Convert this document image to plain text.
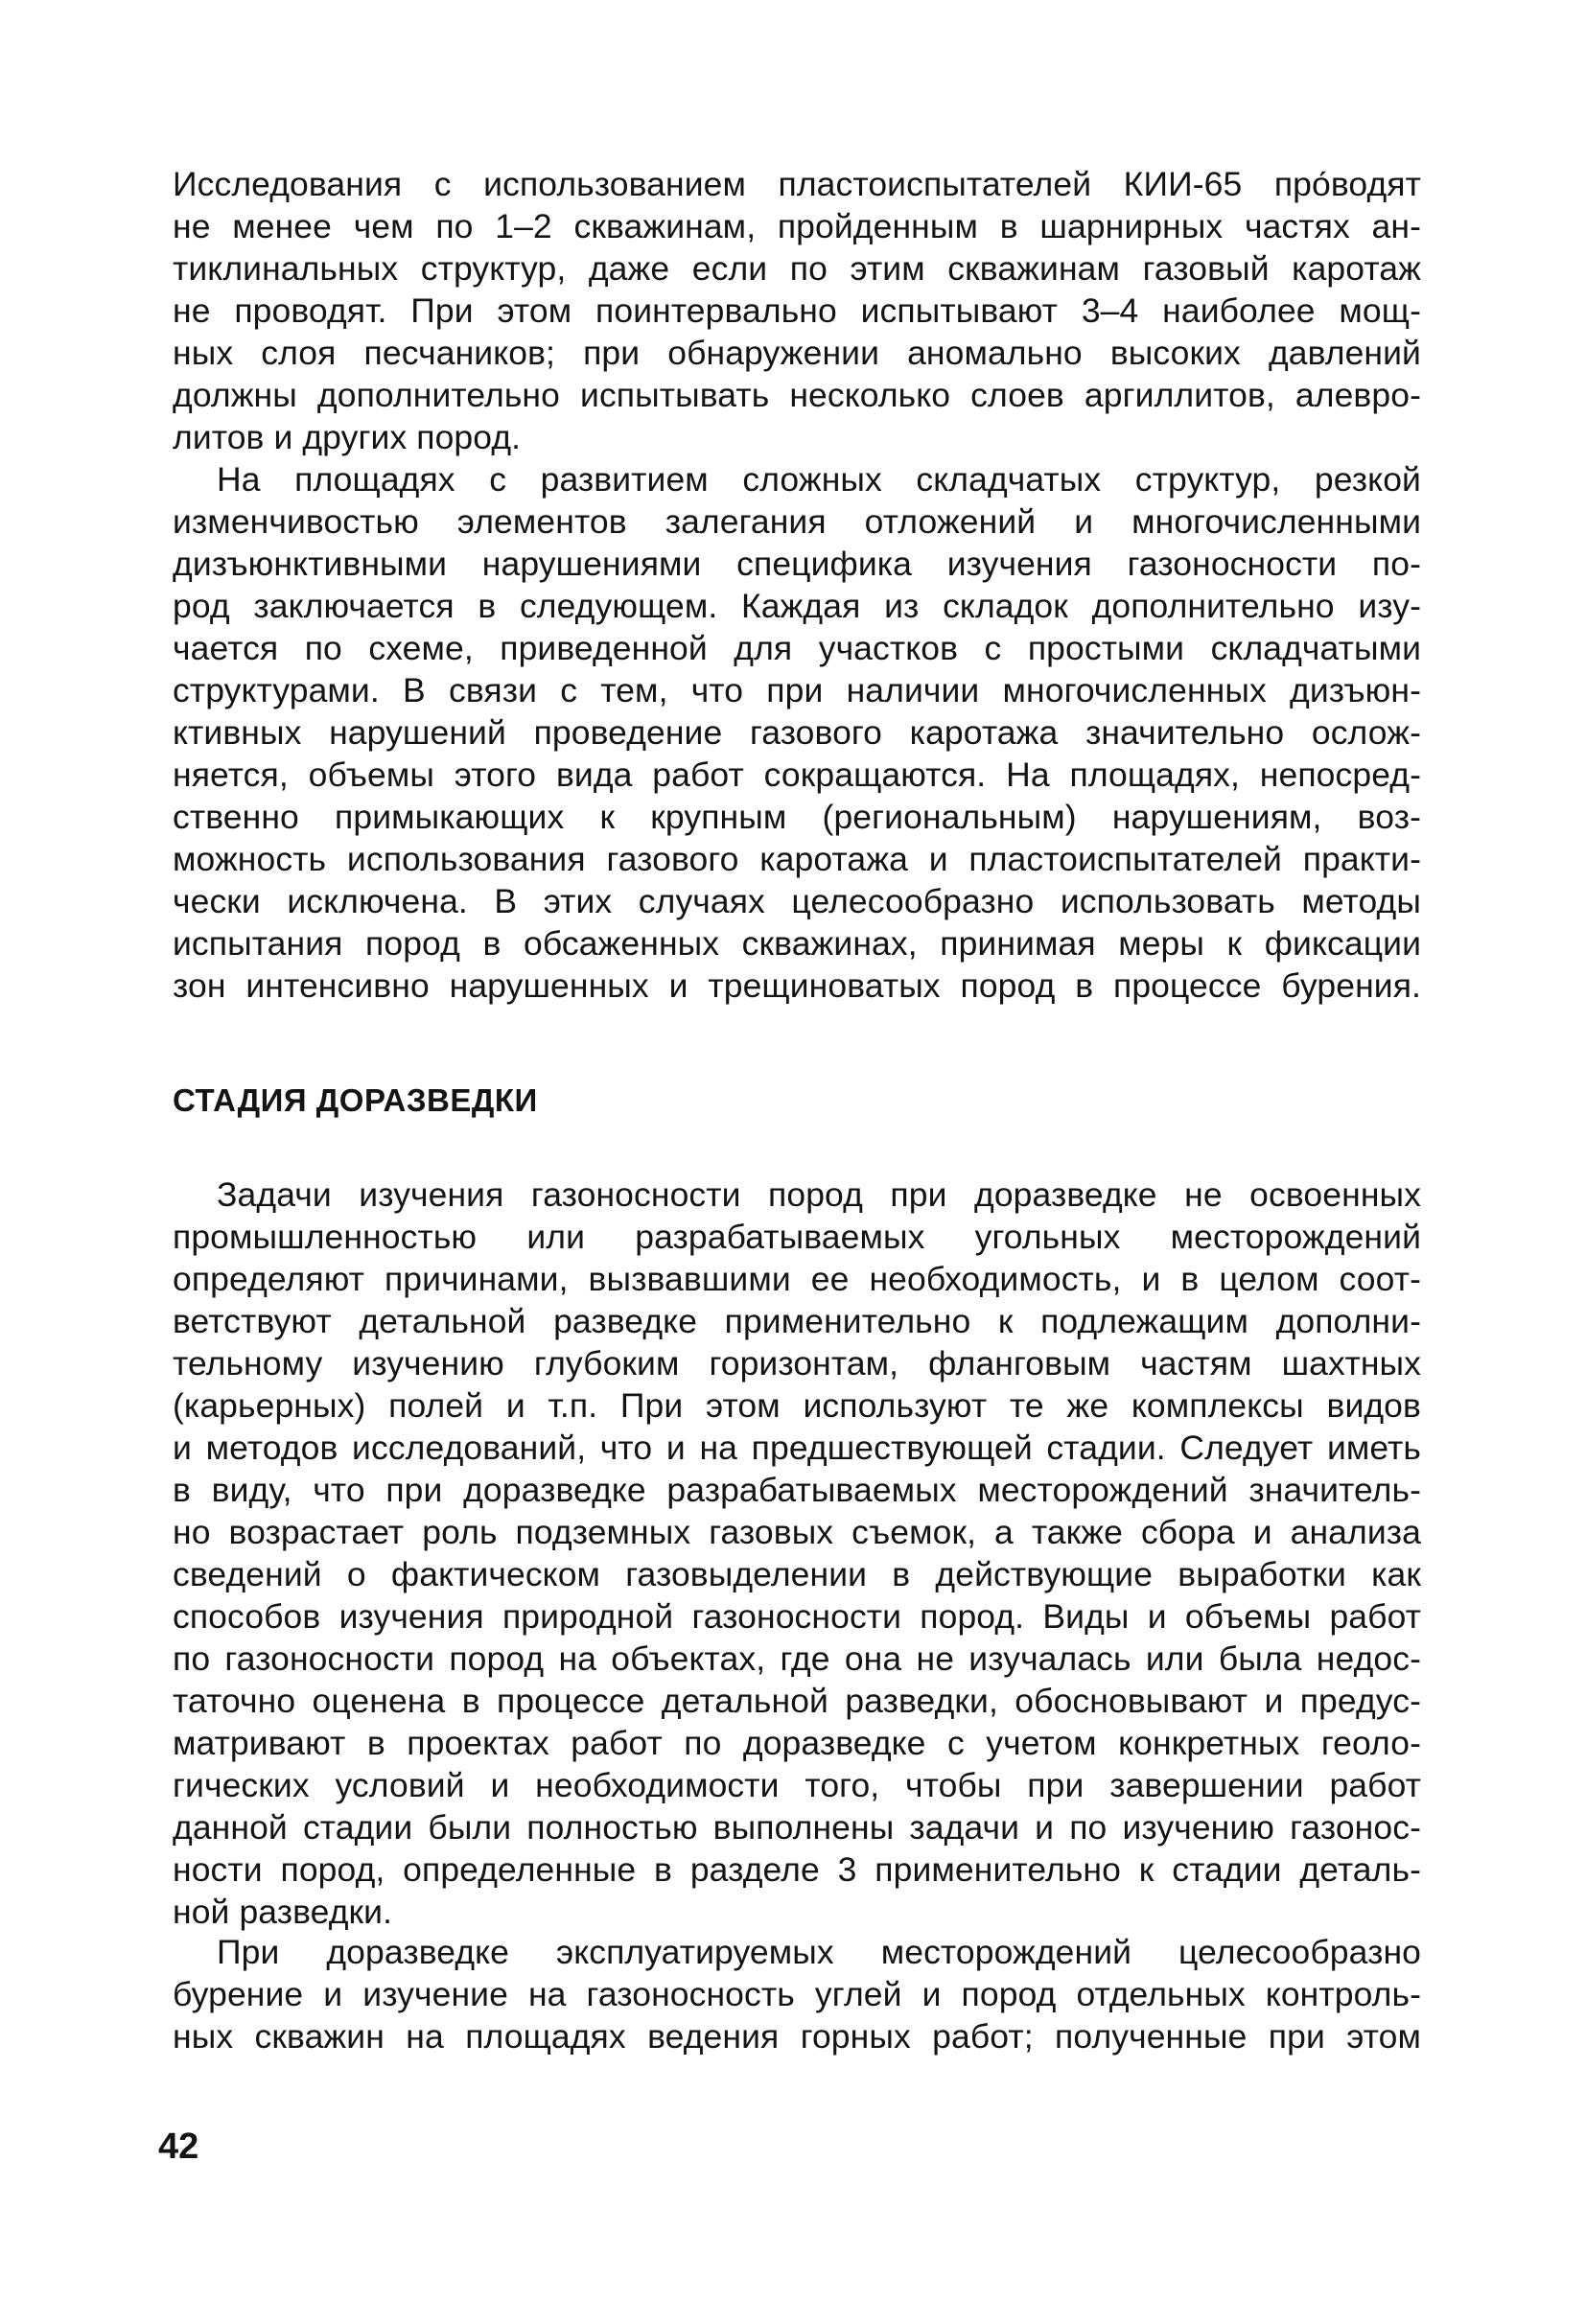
Исследования с использованием пластоиспытателей КИИ-65 про́водят
не менее чем по 1–2 скважинам, пройденным в шарнирных частях ан-
тиклинальных структур, даже если по этим скважинам газовый каротаж
не проводят. При этом поинтервально испытывают 3–4 наиболее мощ-
ных слоя песчаников; при обнаружении аномально высоких давлений
должны дополнительно испытывать несколько слоев аргиллитов, алевро-
литов и других пород.
На площадях с развитием сложных складчатых структур, резкой
изменчивостью элементов залегания отложений и многочисленными
дизъюнктивными нарушениями специфика изучения газоносности по-
род заключается в следующем. Каждая из складок дополнительно изу-
чается по схеме, приведенной для участков с простыми складчатыми
структурами. В связи с тем, что при наличии многочисленных дизъюн-
ктивных нарушений проведение газового каротажа значительно ослож-
няется, объемы этого вида работ сокращаются. На площадях, непосред-
ственно примыкающих к крупным (региональным) нарушениям, воз-
можность использования газового каротажа и пластоиспытателей практи-
чески исключена. В этих случаях целесообразно использовать методы
испытания пород в обсаженных скважинах, принимая меры к фиксации
зон интенсивно нарушенных и трещиноватых пород в процессе бурения.
СТАДИЯ ДОРАЗВЕДКИ
Задачи изучения газоносности пород при доразведке не освоенных
промышленностью или разрабатываемых угольных месторождений
определяют причинами, вызвавшими ее необходимость, и в целом соот-
ветствуют детальной разведке применительно к подлежащим дополни-
тельному изучению глубоким горизонтам, фланговым частям шахтных
(карьерных) полей и т.п. При этом используют те же комплексы видов
и методов исследований, что и на предшествующей стадии. Следует иметь
в виду, что при доразведке разрабатываемых месторождений значитель-
но возрастает роль подземных газовых съемок, а также сбора и анализа
сведений о фактическом газовыделении в действующие выработки как
способов изучения природной газоносности пород. Виды и объемы работ
по газоносности пород на объектах, где она не изучалась или была недос-
таточно оценена в процессе детальной разведки, обосновывают и предус-
матривают в проектах работ по доразведке с учетом конкретных геоло-
гических условий и необходимости того, чтобы при завершении работ
данной стадии были полностью выполнены задачи и по изучению газонос-
ности пород, определенные в разделе 3 применительно к стадии деталь-
ной разведки.
При доразведке эксплуатируемых месторождений целесообразно
бурение и изучение на газоносность углей и пород отдельных контроль-
ных скважин на площадях ведения горных работ; полученные при этом
42
